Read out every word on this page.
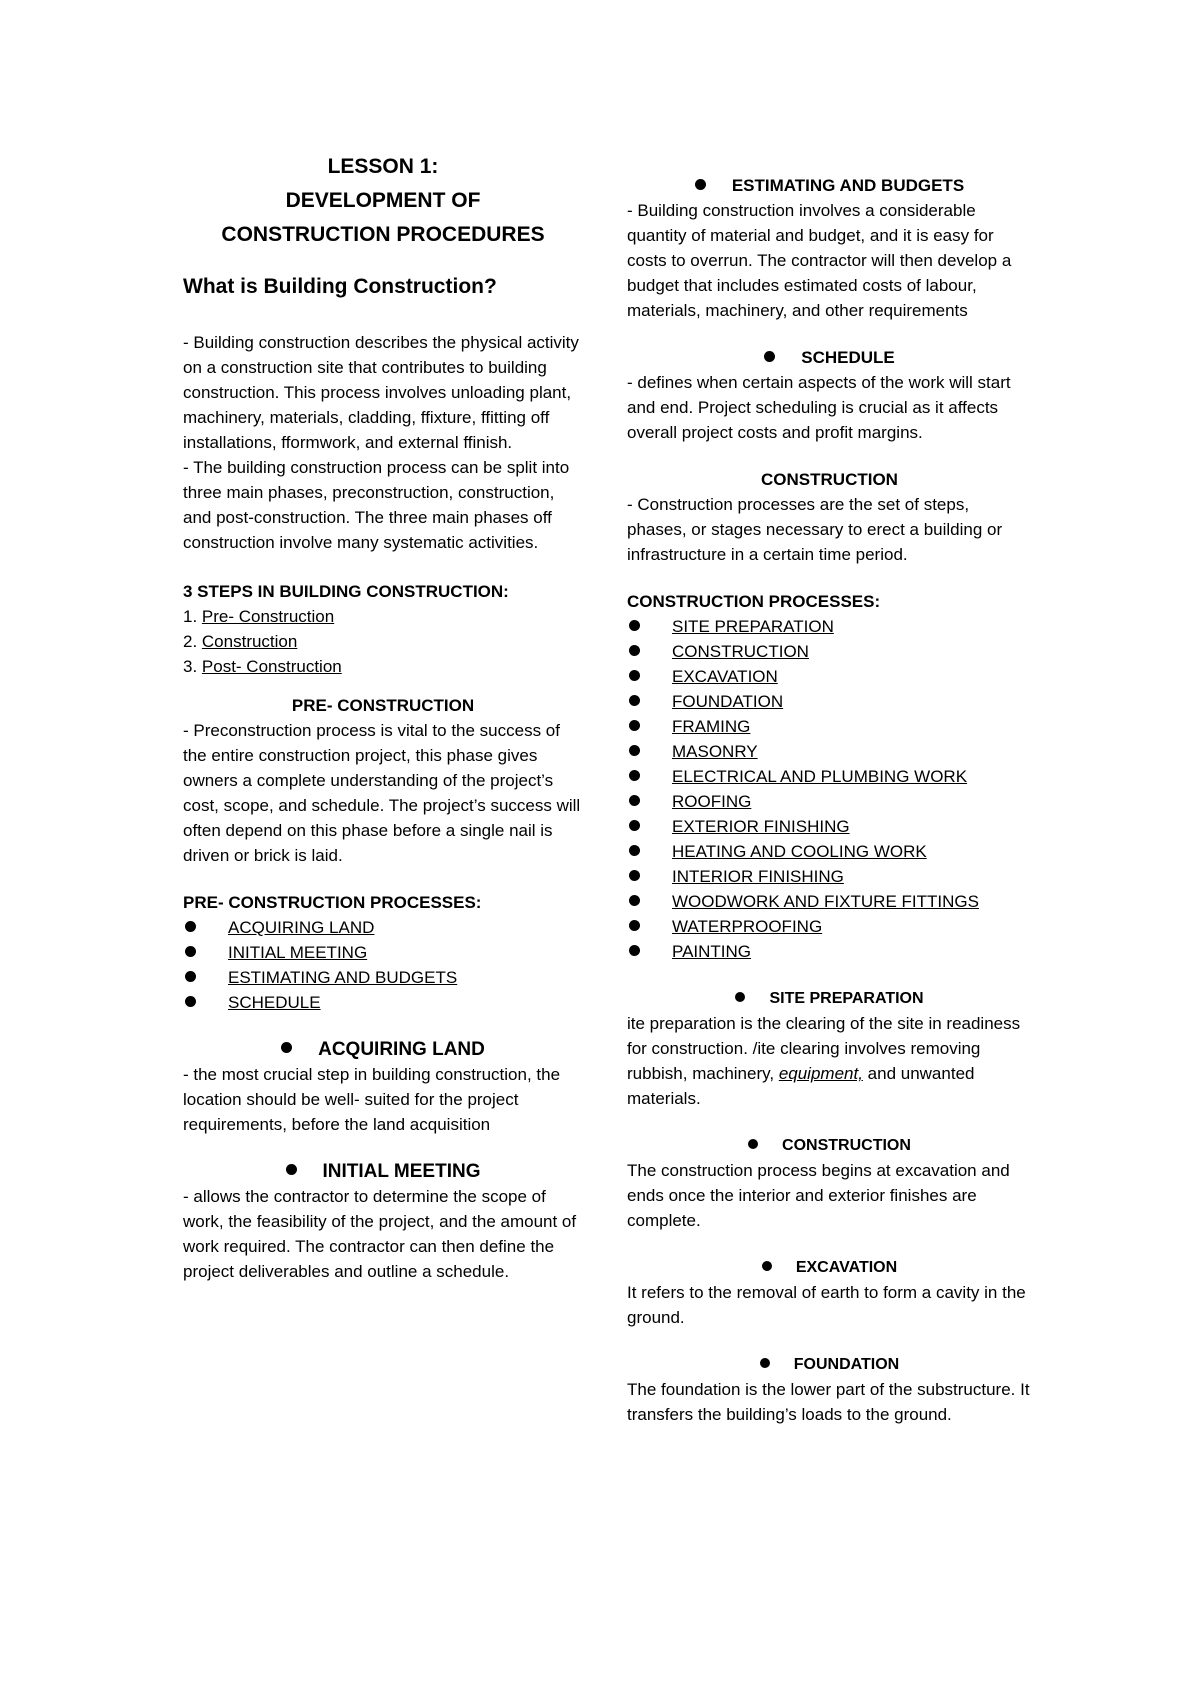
LESSON 1:

DEVELOPMENT OF

CONSTRUCTION PROCEDURES

What is Building Construction?

- Building construction describes the physical activity on a construction site that contributes to building construction. This process involves unloading plant, machinery, materials, cladding, ffixture, ffitting off installations, fformwork, and external ffinish.

- The building construction process can be split into three main phases, preconstruction, construction, and post-construction. The three main phases off construction involve many systematic activities.

3 STEPS IN BUILDING CONSTRUCTION:

1. Pre- Construction

2. Construction

3. Post- Construction

PRE- CONSTRUCTION

- Preconstruction process is vital to the success of the entire construction project, this phase gives owners a complete understanding of the project’s cost, scope, and schedule. The project’s success will often depend on this phase before a single nail is driven or brick is laid.

PRE- CONSTRUCTION PROCESSES:

ACQUIRING LAND
INITIAL MEETING
ESTIMATING AND BUDGETS
SCHEDULE

ACQUIRING LAND

- the most crucial step in building construction, the location should be well- suited for the project requirements, before the land acquisition

INITIAL MEETING

- allows the contractor to determine the scope of work, the feasibility of the project, and the amount of work required. The contractor can then define the project deliverables and outline a schedule.

ESTIMATING AND BUDGETS

- Building construction involves a considerable quantity of material and budget, and it is easy for costs to overrun. The contractor will then develop a budget that includes estimated costs of labour, materials, machinery, and other requirements

SCHEDULE

- defines when certain aspects of the work will start and end. Project scheduling is crucial as it affects overall project costs and profit margins.

CONSTRUCTION

- Construction processes are the set of steps, phases, or stages necessary to erect a building or infrastructure in a certain time period.

CONSTRUCTION PROCESSES:

SITE PREPARATION
CONSTRUCTION
EXCAVATION
FOUNDATION
FRAMING
MASONRY
ELECTRICAL AND PLUMBING WORK
ROOFING
EXTERIOR FINISHING
HEATING AND COOLING WORK
INTERIOR FINISHING
WOODWORK AND FIXTURE FITTINGS
WATERPROOFING
PAINTING

SITE PREPARATION

ite preparation is the clearing of the site in readiness for construction. /ite clearing involves removing rubbish, machinery, equipment, and unwanted materials.

CONSTRUCTION

The construction process begins at excavation and ends once the interior and exterior finishes are complete.

EXCAVATION

It refers to the removal of earth to form a cavity in the ground.

FOUNDATION

The foundation is the lower part of the substructure. It transfers the building’s loads to the ground.
